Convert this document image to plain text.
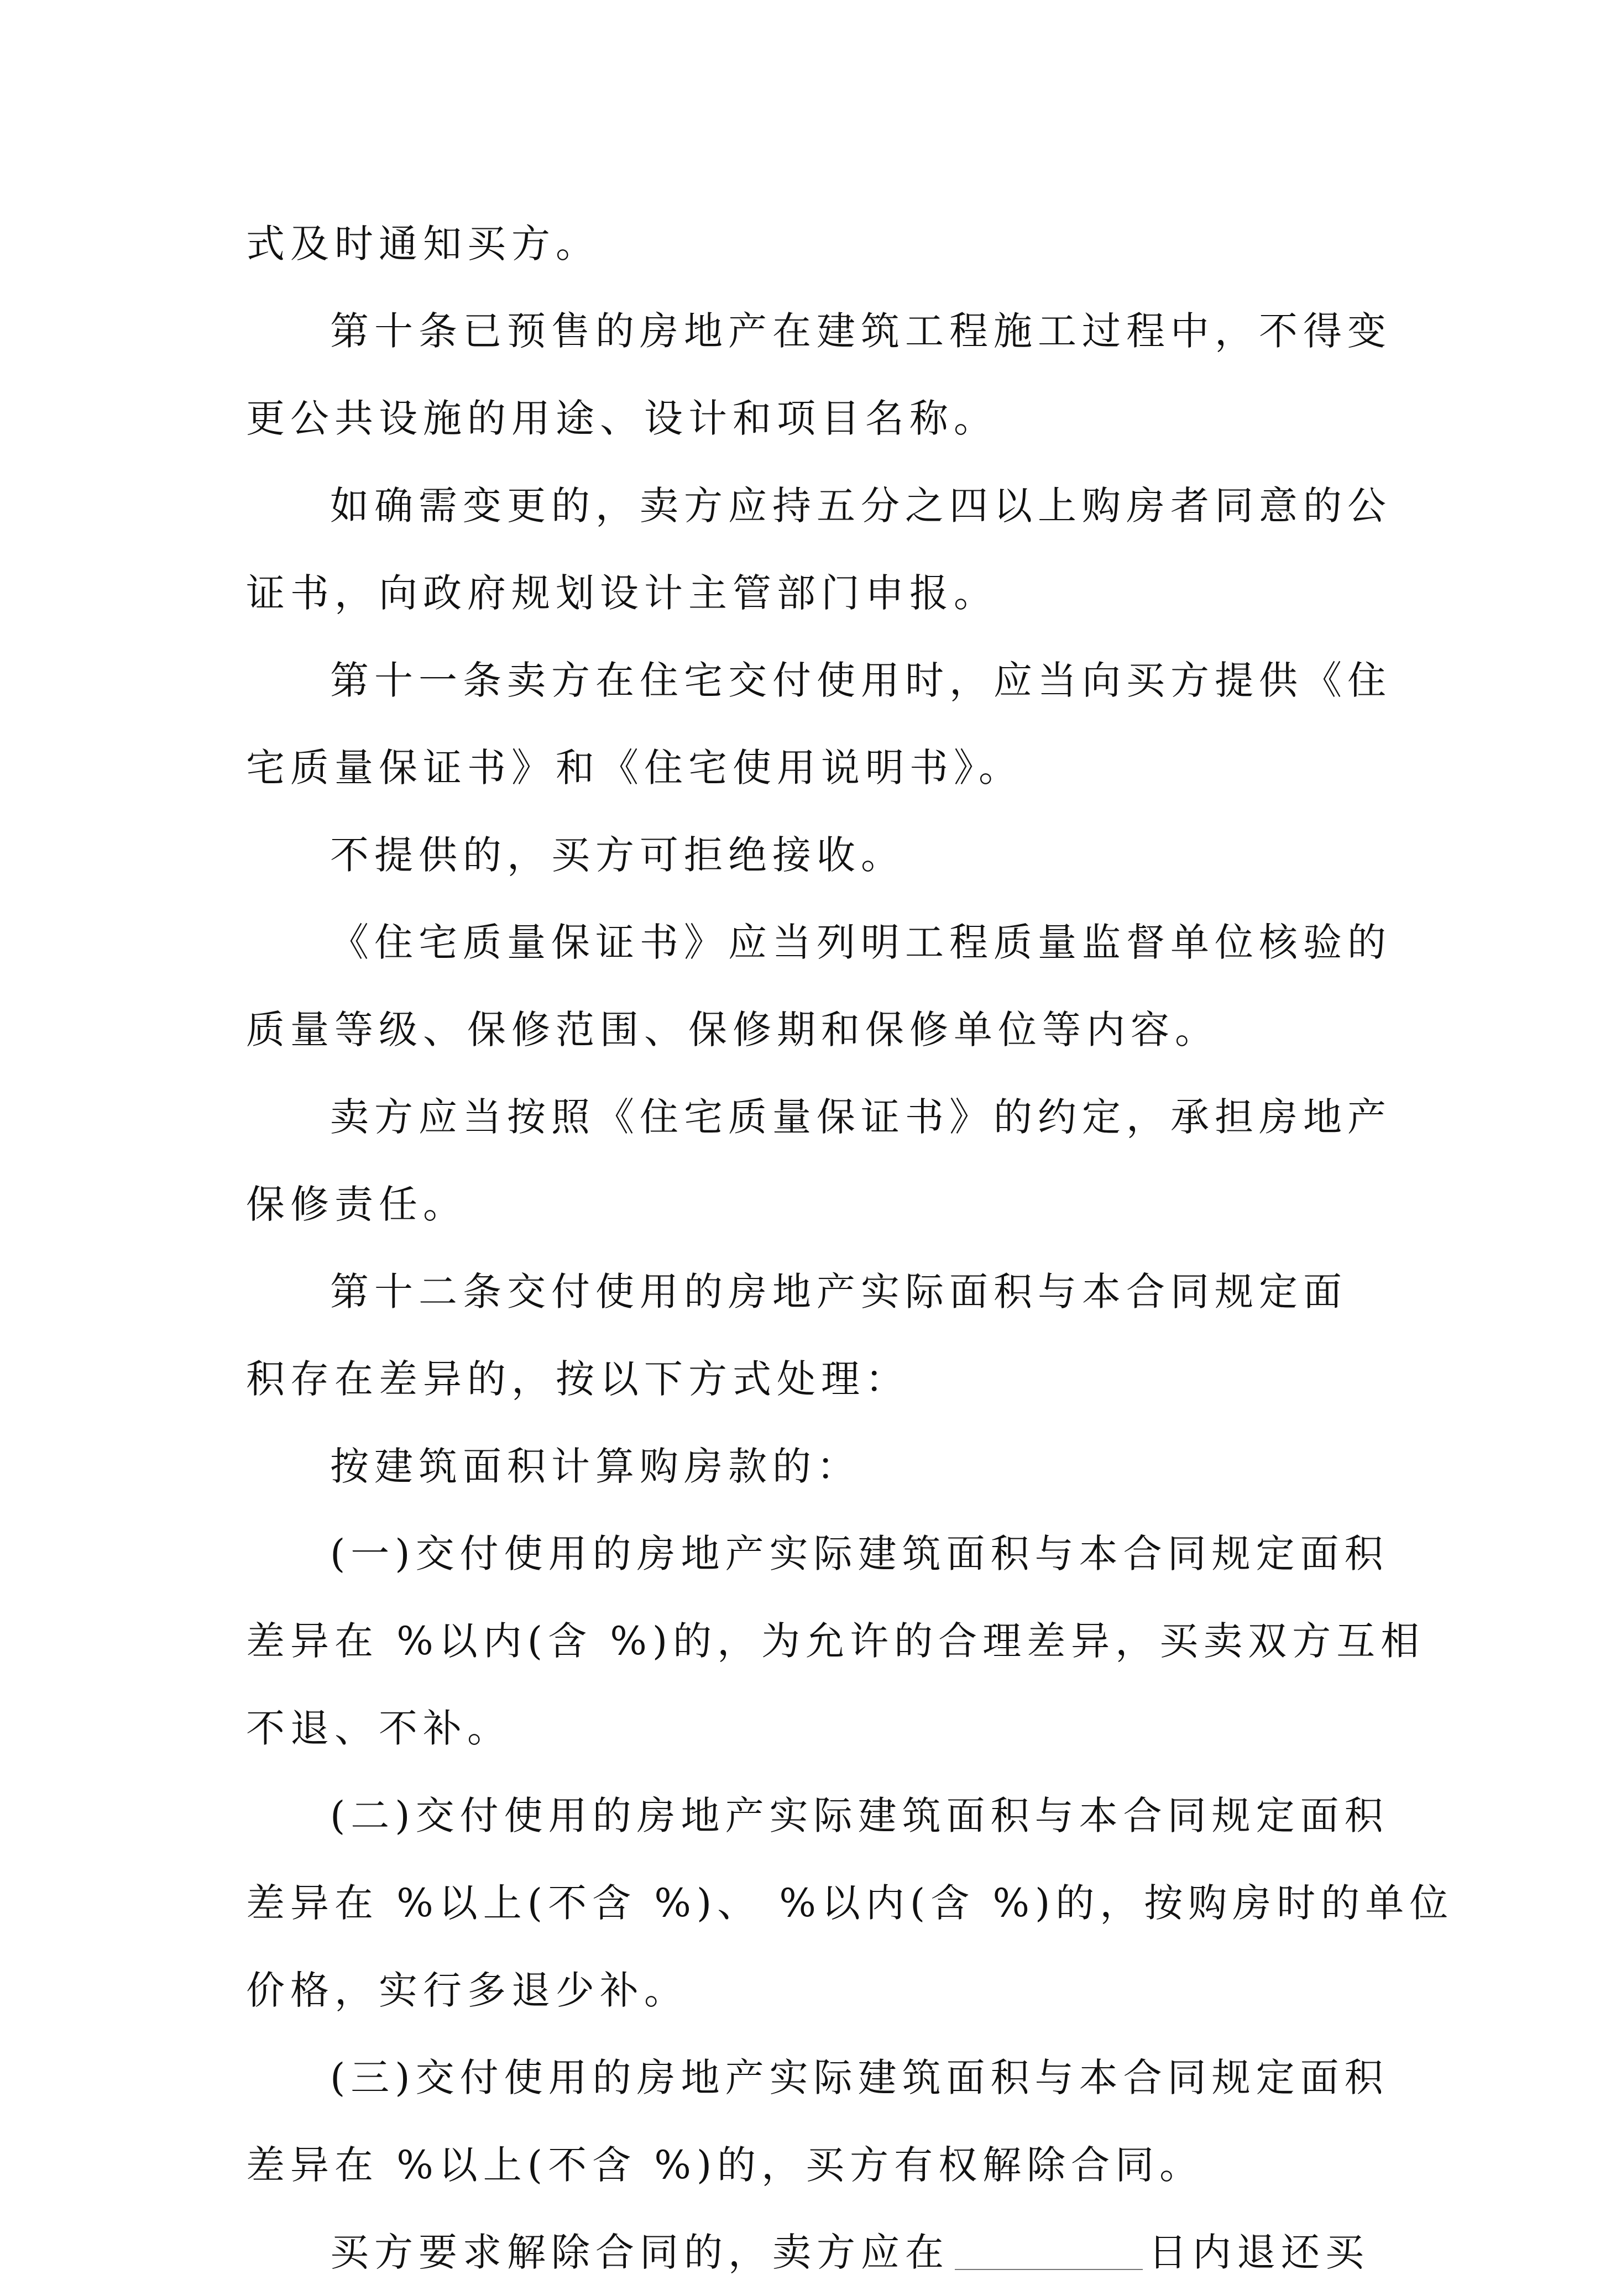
式及时通知买方。

第十条已预售的房地产在建筑工程施工过程中，不得变

更公共设施的用途、设计和项目名称。

如确需变更的，卖方应持五分之四以上购房者同意的公

证书，向政府规划设计主管部门申报。

第十一条卖方在住宅交付使用时，应当向买方提供《住

宅质量保证书》和《住宅使用说明书》。

不提供的，买方可拒绝接收。

《住宅质量保证书》应当列明工程质量监督单位核验的

质量等级、保修范围、保修期和保修单位等内容。

卖方应当按照《住宅质量保证书》的约定，承担房地产

保修责任。

第十二条交付使用的房地产实际面积与本合同规定面

积存在差异的，按以下方式处理：

按建筑面积计算购房款的：

(一)交付使用的房地产实际建筑面积与本合同规定面积

差异在 %以内(含 %)的，为允许的合理差异，买卖双方互相

不退、不补。

(二)交付使用的房地产实际建筑面积与本合同规定面积

差异在 %以上(不含 %)、 %以内(含 %)的，按购房时的单位

价格，实行多退少补。

(三)交付使用的房地产实际建筑面积与本合同规定面积

差异在 %以上(不含 %)的，买方有权解除合同。

买方要求解除合同的，卖方应在	日内退还买
